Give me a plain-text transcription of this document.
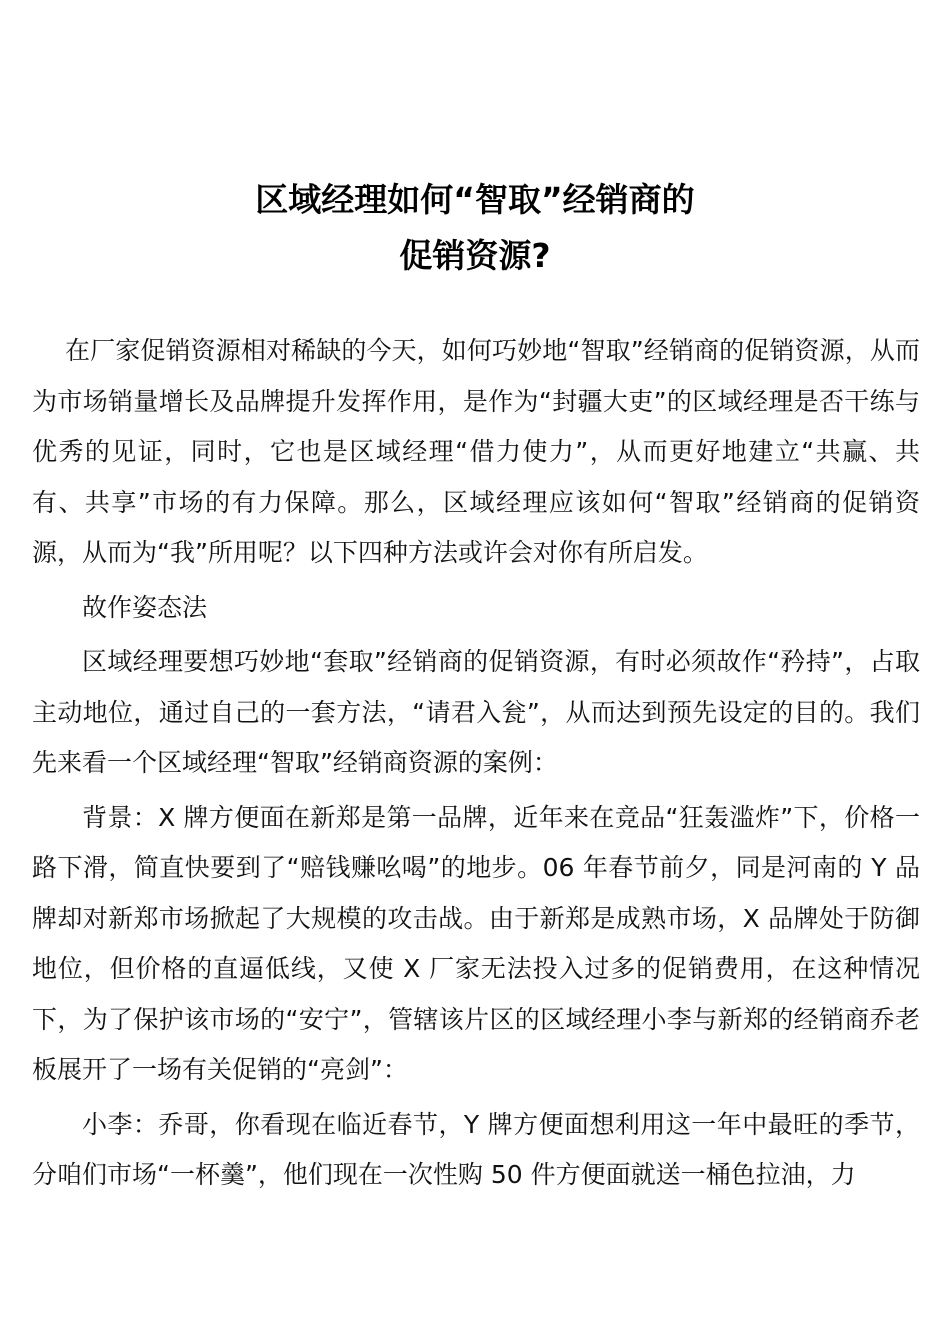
区域经理如何“智取”经销商的
促销资源?

在厂家促销资源相对稀缺的今天，如何巧妙地“智取”经销商的促销资源，从而为市场销量增长及品牌提升发挥作用，是作为“封疆大吏”的区域经理是否干练与优秀的见证，同时，它也是区域经理“借力使力”，从而更好地建立“共赢、共有、共享”市场的有力保障。那么，区域经理应该如何“智取”经销商的促销资源，从而为“我”所用呢？以下四种方法或许会对你有所启发。

故作姿态法

区域经理要想巧妙地“套取”经销商的促销资源，有时必须故作“矜持”，占取主动地位，通过自己的一套方法，“请君入瓮”，从而达到预先设定的目的。我们先来看一个区域经理“智取”经销商资源的案例：

背景：X 牌方便面在新郑是第一品牌，近年来在竞品“狂轰滥炸”下，价格一路下滑，简直快要到了“赔钱赚吆喝”的地步。06 年春节前夕，同是河南的 Y 品牌却对新郑市场掀起了大规模的攻击战。由于新郑是成熟市场，X 品牌处于防御地位，但价格的直逼低线，又使 X 厂家无法投入过多的促销费用，在这种情况下，为了保护该市场的“安宁”，管辖该片区的区域经理小李与新郑的经销商乔老板展开了一场有关促销的“亮剑”：

小李：乔哥，你看现在临近春节，Y 牌方便面想利用这一年中最旺的季节，分咱们市场“一杯羹”，他们现在一次性购 50 件方便面就送一桶色拉油，力
